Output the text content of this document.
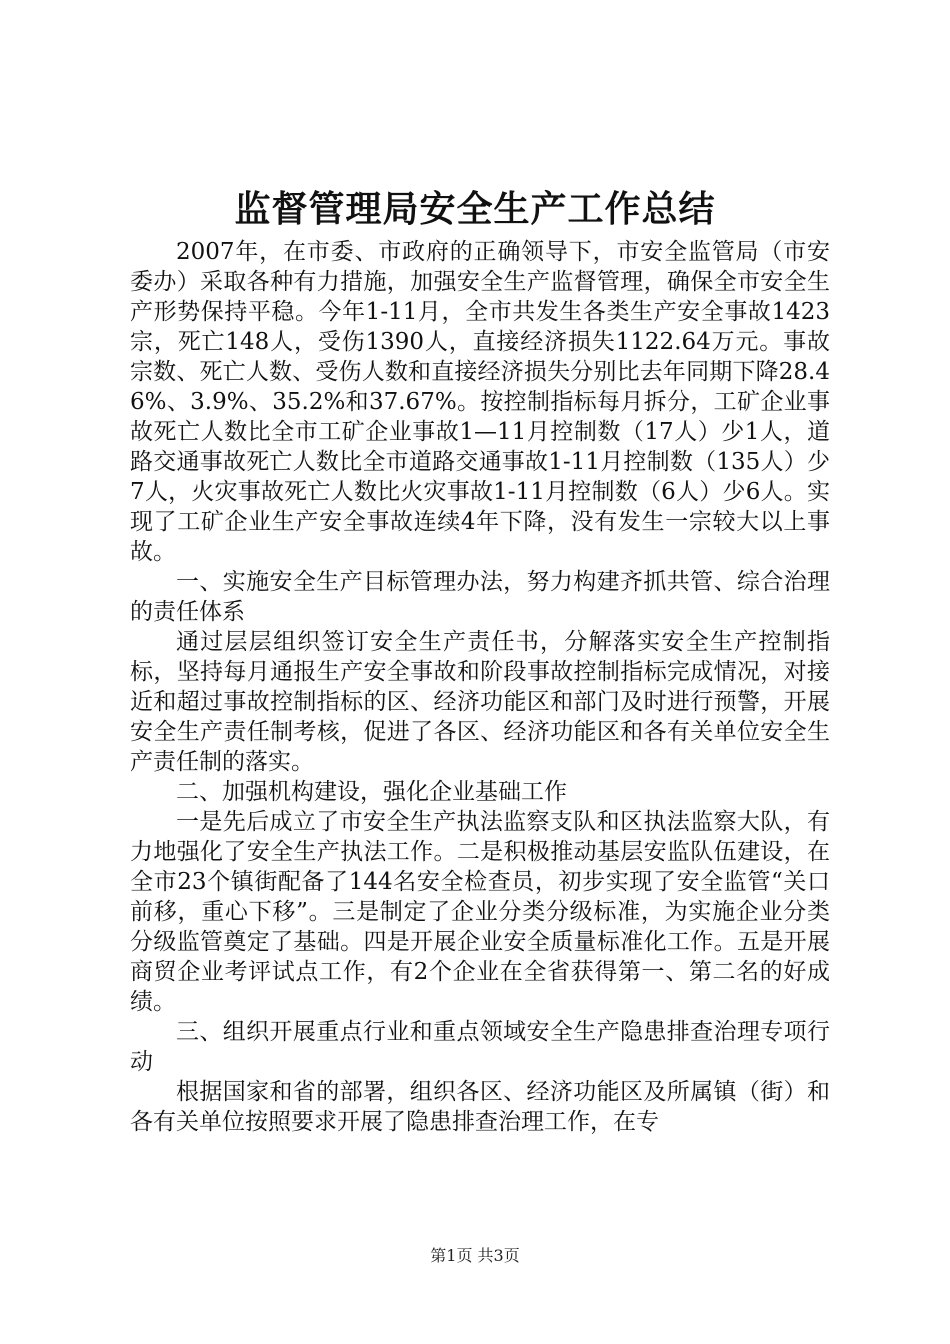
监督管理局安全生产工作总结

2007年，在市委、市政府的正确领导下，市安全监管局（市安委办）采取各种有力措施，加强安全生产监督管理，确保全市安全生产形势保持平稳。今年1-11月，全市共发生各类生产安全事故1423宗，死亡148人，受伤1390人，直接经济损失1122.64万元。事故宗数、死亡人数、受伤人数和直接经济损失分别比去年同期下降28.46%、3.9%、35.2%和37.67%。按控制指标每月拆分，工矿企业事故死亡人数比全市工矿企业事故1—11月控制数（17人）少1人，道路交通事故死亡人数比全市道路交通事故1-11月控制数（135人）少7人，火灾事故死亡人数比火灾事故1-11月控制数（6人）少6人。实现了工矿企业生产安全事故连续4年下降，没有发生一宗较大以上事故。

一、实施安全生产目标管理办法，努力构建齐抓共管、综合治理的责任体系

通过层层组织签订安全生产责任书，分解落实安全生产控制指标，坚持每月通报生产安全事故和阶段事故控制指标完成情况，对接近和超过事故控制指标的区、经济功能区和部门及时进行预警，开展安全生产责任制考核，促进了各区、经济功能区和各有关单位安全生产责任制的落实。

二、加强机构建设，强化企业基础工作

一是先后成立了市安全生产执法监察支队和区执法监察大队，有力地强化了安全生产执法工作。二是积极推动基层安监队伍建设，在全市23个镇街配备了144名安全检查员，初步实现了安全监管“关口前移，重心下移”。三是制定了企业分类分级标准，为实施企业分类分级监管奠定了基础。四是开展企业安全质量标准化工作。五是开展商贸企业考评试点工作，有2个企业在全省获得第一、第二名的好成绩。

三、组织开展重点行业和重点领域安全生产隐患排查治理专项行动

根据国家和省的部署，组织各区、经济功能区及所属镇（街）和各有关单位按照要求开展了隐患排查治理工作，在专

第1页 共3页
